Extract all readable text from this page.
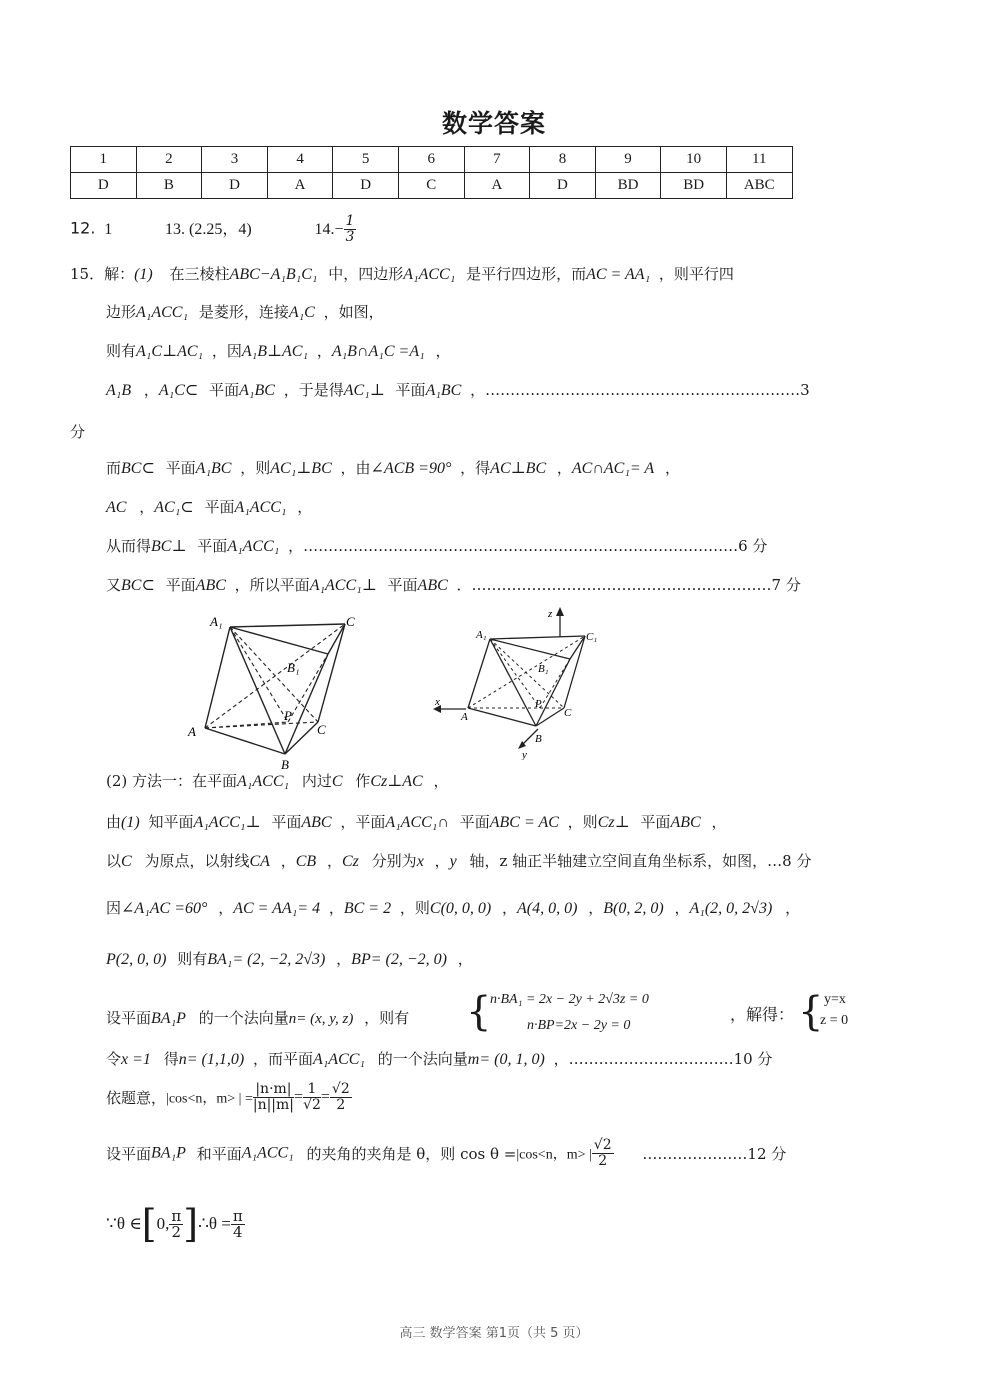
数学答案
1	2	3	4	5	6	7	8	9	10	11
D	B	D	A	D	C	A	D	BD	BD	ABC
12. 1	13. (2.25，4)	$14.- \frac{1}{3}$
15．解：(1) 在三棱柱ABC−A₁B₁C₁ 中，四边形A₁ACC₁ 是平行四边形，而AC = AA₁ ，则平行四
边形A₁ACC₁ 是菱形，连接A₁C ，如图，
则有A₁C⊥AC₁ ，因A₁B⊥AC₁ ，A₁B∩A₁C =A₁ ，
A₁B ，A₁C⊂ 平面A₁BC ，于是得AC₁⊥ 平面A₁BC ，………………………………………………………3
分
而BC⊂ 平面A₁BC ，则AC₁⊥BC ，由∠ACB =90° ，得AC⊥BC ，AC∩AC₁= A ，
AC ，AC₁⊂ 平面A₁ACC₁ ，
从而得BC⊥ 平面A₁ACC₁ ，……………………………………………………………………………6 分
又BC⊂ 平面ABC ，所以平面A₁ACC₁⊥ 平面ABC ．……………………………………………………7 分
A₁	C
B₁
P
A	C
B
z
A₁	C₁
B₁
x
A
P
C
B
y
(2) 方法一：在平面A₁ACC₁ 内过C 作Cz⊥AC ，
由(1) 知平面A₁ACC₁⊥ 平面ABC ，平面A₁ACC₁∩ 平面ABC = AC ，则Cz⊥ 平面ABC ，
以C 为原点，以射线CA ，CB ，Cz 分别为x ，y 轴，z 轴正半轴建立空间直角坐标系，如图，…8 分
因∠A₁AC =60° ，AC = AA₁= 4 ，BC = 2 ，则C(0, 0, 0) ，A(4, 0, 0) ，B(0, 2, 0) ，A₁(2, 0, 2√3) ，
P(2, 0, 0) 则有BA₁= (2, −2, 2√3) ，BP= (2, −2, 0) ，
设平面BA₁P 的一个法向量n= (x, y, z) ，则有 {
n·BA₁ = 2x − 2y + 2√3z = 0
n·BP=2x − 2y = 0
，解得： { y=x
z = 0
令x =1 得n= (1,1,0) ，而平面A₁ACC₁ 的一个法向量m= (0, 1, 0) ，……………………………10 分
依题意，|cos<n，m> | = $\frac{|n\cdot m|}{|n||m|} = \frac{1}{√2} = \frac{√2}{2}$
设平面BA₁P 和平面A₁ACC₁ 的夹角的夹角是 θ，则 cos θ =|cos<n，m> | $\frac{√2}{2}$ …………………12 分
∵θ ∈[0, $\frac{\pi}{2}$ ]∴θ = $\frac{\pi}{4}$
高三 数学答案 第1页（共 5 页）
